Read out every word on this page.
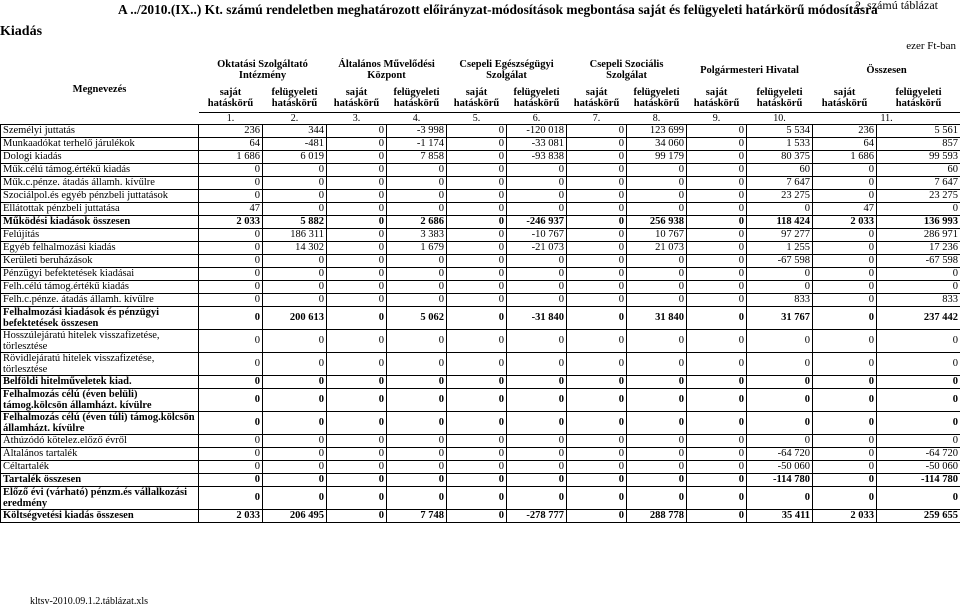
2. számú táblázat
A ../2010.(IX..) Kt. számú rendeletben meghatározott előirányzat-módosítások megbontása saját és felügyeleti határkörű módosításra
Kiadás
ezer Ft-ban
	Oktatási Szolgáltató Intézmény		Általános Művelődési Központ		Csepeli Egészségügyi Szolgálat		Csepeli Szociális Szolgálat		Polgármesteri Hivatal		Összesen	
Megnevezés	saját hatáskörű	felügyeleti hatáskörű	saját hatáskörű	felügyeleti hatáskörű	saját hatáskörű	felügyeleti hatáskörű	saját hatáskörű	felügyeleti hatáskörű	saját hatáskörű	felügyeleti hatáskörű	saját hatáskörű	felügyeleti hatáskörű
	1.	2.	3.	4.	5.	6.	7.	8.	9.	10.	11.	
Személyi juttatás	236	344	0	-3 998	0	-120 018	0	123 699	0	5 534	236	5 561
Munkaadókat terhelő járulékok	64	-481	0	-1 174	0	-33 081	0	34 060	0	1 533	64	857
Dologi kiadás	1 686	6 019	0	7 858	0	-93 838	0	99 179	0	80 375	1 686	99 593
Műk.célú támog.értékű kiadás	0	0	0	0	0	0	0	0	0	60	0	60
Műk.c.pénze. átadás államh. kívűlre	0	0	0	0	0	0	0	0	0	7 647	0	7 647
Szociálpol.és egyéb pénzbeli juttatások	0	0	0	0	0	0	0	0	0	23 275	0	23 275
Ellátottak pénzbeli juttatása	47	0	0	0	0	0	0	0	0	0	47	0
Működési kiadások összesen	2 033	5 882	0	2 686	0	-246 937	0	256 938	0	118 424	2 033	136 993
Felújítás	0	186 311	0	3 383	0	-10 767	0	10 767	0	97 277	0	286 971
Egyéb felhalmozási kiadás	0	14 302	0	1 679	0	-21 073	0	21 073	0	1 255	0	17 236
Kerületi beruházások	0	0	0	0	0	0	0	0	0	-67 598	0	-67 598
Pénzügyi befektetések kiadásai	0	0	0	0	0	0	0	0	0	0	0	0
Felh.célú támog.értékű kiadás	0	0	0	0	0	0	0	0	0	0	0	0
Felh.c.pénze. átadás államh. kívűlre	0	0	0	0	0	0	0	0	0	833	0	833
Felhalmozási kiadások és pénzügyi befektetések összesen	0	200 613	0	5 062	0	-31 840	0	31 840	0	31 767	0	237 442
Hosszúlejáratú hitelek visszafizetése, törlesztése	0	0	0	0	0	0	0	0	0	0	0	0
Rövidlejáratú hitelek visszafizetése, törlesztése	0	0	0	0	0	0	0	0	0	0	0	0
Belföldi hitelműveletek kiad.	0	0	0	0	0	0	0	0	0	0	0	0
Felhalmozás célú (éven belüli) támog.kölcsön államházt. kívülre	0	0	0	0	0	0	0	0	0	0	0	0
Felhalmozás célú (éven túli) támog.kölcsön államházt. kívülre	0	0	0	0	0	0	0	0	0	0	0	0
Áthúzódó kötelez.előző évről	0	0	0	0	0	0	0	0	0	0	0	0
Általános tartalék	0	0	0	0	0	0	0	0	0	-64 720	0	-64 720
Céltartalék	0	0	0	0	0	0	0	0	0	-50 060	0	-50 060
Tartalék összesen	0	0	0	0	0	0	0	0	0	-114 780	0	-114 780
Előző évi (várható) pénzm.és vállalkozási eredmény	0	0	0	0	0	0	0	0	0	0	0	0
Költségvetési kiadás összesen	2 033	206 495	0	7 748	0	-278 777	0	288 778	0	35 411	2 033	259 655
kltsv-2010.09.1.2.táblázat.xls
